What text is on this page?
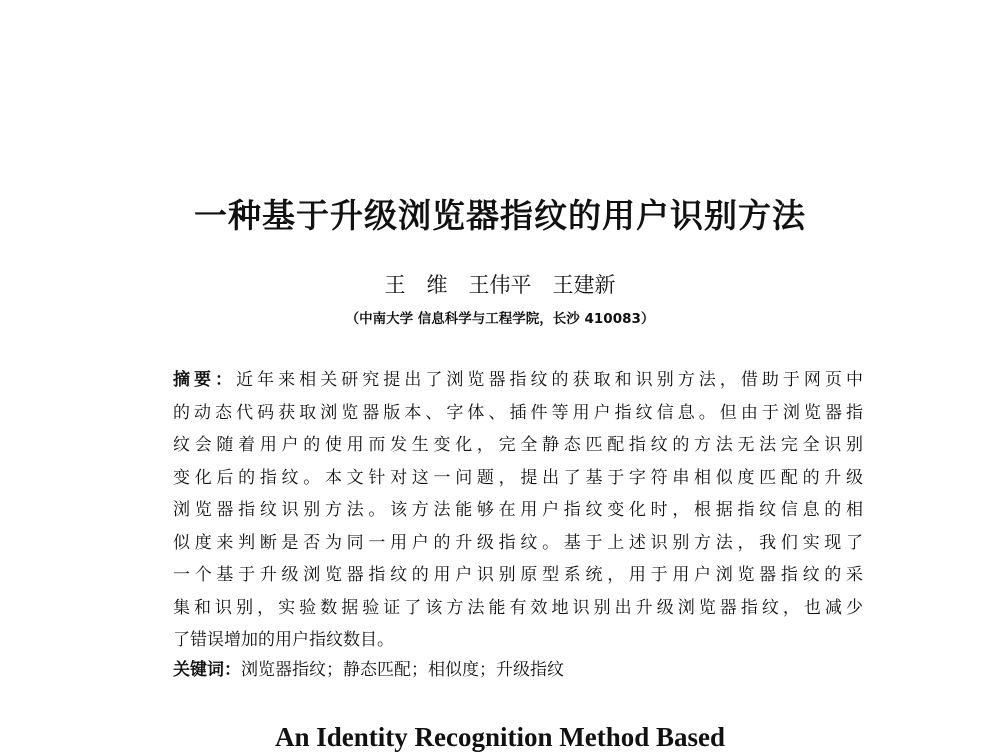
一种基于升级浏览器指纹的用户识别方法
王　维　王伟平　王建新
（中南大学 信息科学与工程学院，长沙 410083）
摘要：近年来相关研究提出了浏览器指纹的获取和识别方法，借助于网页中
的动态代码获取浏览器版本、字体、插件等用户指纹信息。但由于浏览器指
纹会随着用户的使用而发生变化，完全静态匹配指纹的方法无法完全识别
变化后的指纹。本文针对这一问题，提出了基于字符串相似度匹配的升级
浏览器指纹识别方法。该方法能够在用户指纹变化时，根据指纹信息的相
似度来判断是否为同一用户的升级指纹。基于上述识别方法，我们实现了
一个基于升级浏览器指纹的用户识别原型系统，用于用户浏览器指纹的采
集和识别，实验数据验证了该方法能有效地识别出升级浏览器指纹，也减少
了错误增加的用户指纹数目。
关键词：浏览器指纹；静态匹配；相似度；升级指纹
An Identity Recognition Method Based
